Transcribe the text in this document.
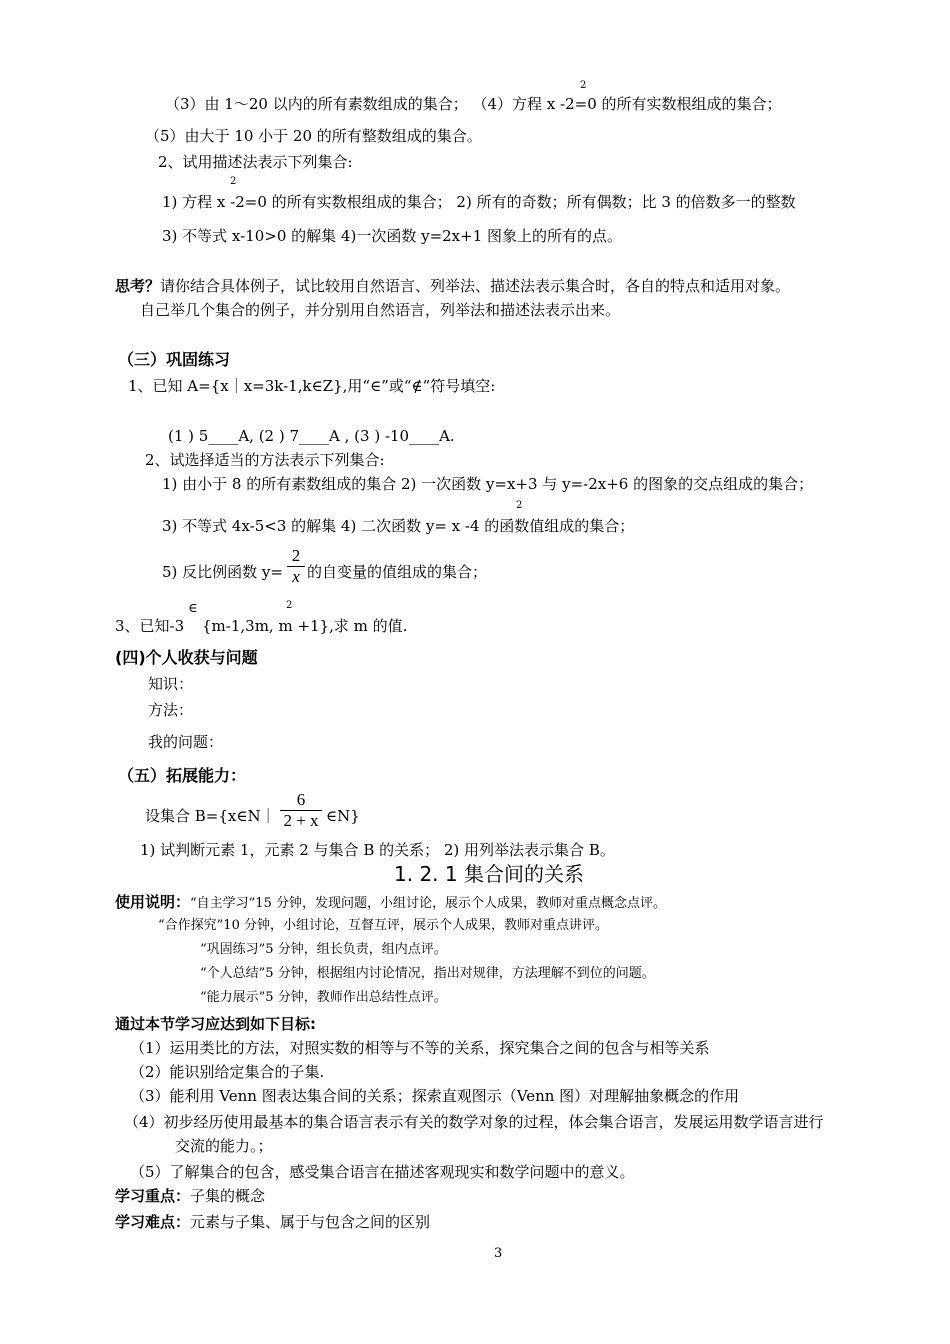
（3）由 1～20 以内的所有素数组成的集合； （4）方程 x -2=0 的所有实数根组成的集合；
2
（5）由大于 10 小于 20 的所有整数组成的集合。
2、试用描述法表示下列集合:
1) 方程 x -2=0 的所有实数根组成的集合； 2) 所有的奇数；所有偶数；比 3 的倍数多一的整数
2
3) 不等式 x-10>0 的解集 4)一次函数 y=2x+1 图象上的所有的点。
思考？请你结合具体例子，试比较用自然语言、列举法、描述法表示集合时，各自的特点和适用对象。
自己举几个集合的例子，并分别用自然语言，列举法和描述法表示出来。
（三）巩固练习
1、已知 A={x｜x=3k-1,k∈Z},用“∈”或“∉”符号填空:
(1 ) 5____A, (2 ) 7____A , (3 ) -10____A.
2、试选择适当的方法表示下列集合:
1) 由小于 8 的所有素数组成的集合 2) 一次函数 y=x+3 与 y=-2x+6 的图象的交点组成的集合；
3) 不等式 4x-5<3 的解集 4) 二次函数 y= x -4 的函数值组成的集合；
2
5) 反比例函数 y=
2
x 的自变量的值组成的集合；
3、已知-3
∈
{m-1,3m, m +1},求 m 的值.
2
(四)个人收获与问题
知识：
方法：
我的问题：
（五）拓展能力：
设集合 B={x∈N｜
6
2 + x ∈N}
1) 试判断元素 1，元素 2 与集合 B 的关系； 2) 用列举法表示集合 B。
1. 2. 1 集合间的关系
使用说明：“自主学习”15 分钟，发现问题，小组讨论，展示个人成果，教师对重点概念点评。
“合作探究”10 分钟，小组讨论，互督互评，展示个人成果，教师对重点讲评。
“巩固练习”5 分钟，组长负责，组内点评。
“个人总结”5 分钟，根据组内讨论情况，指出对规律，方法理解不到位的问题。
“能力展示”5 分钟，教师作出总结性点评。
通过本节学习应达到如下目标:
（1）运用类比的方法，对照实数的相等与不等的关系，探究集合之间的包含与相等关系
（2）能识别给定集合的子集.
（3）能利用 Venn 图表达集合间的关系；探索直观图示（Venn 图）对理解抽象概念的作用
（4）初步经历使用最基本的集合语言表示有关的数学对象的过程，体会集合语言，发展运用数学语言进行
交流的能力。；
（5）了解集合的包含，感受集合语言在描述客观现实和数学问题中的意义。
学习重点：子集的概念
学习难点：元素与子集、属于与包含之间的区别
3
